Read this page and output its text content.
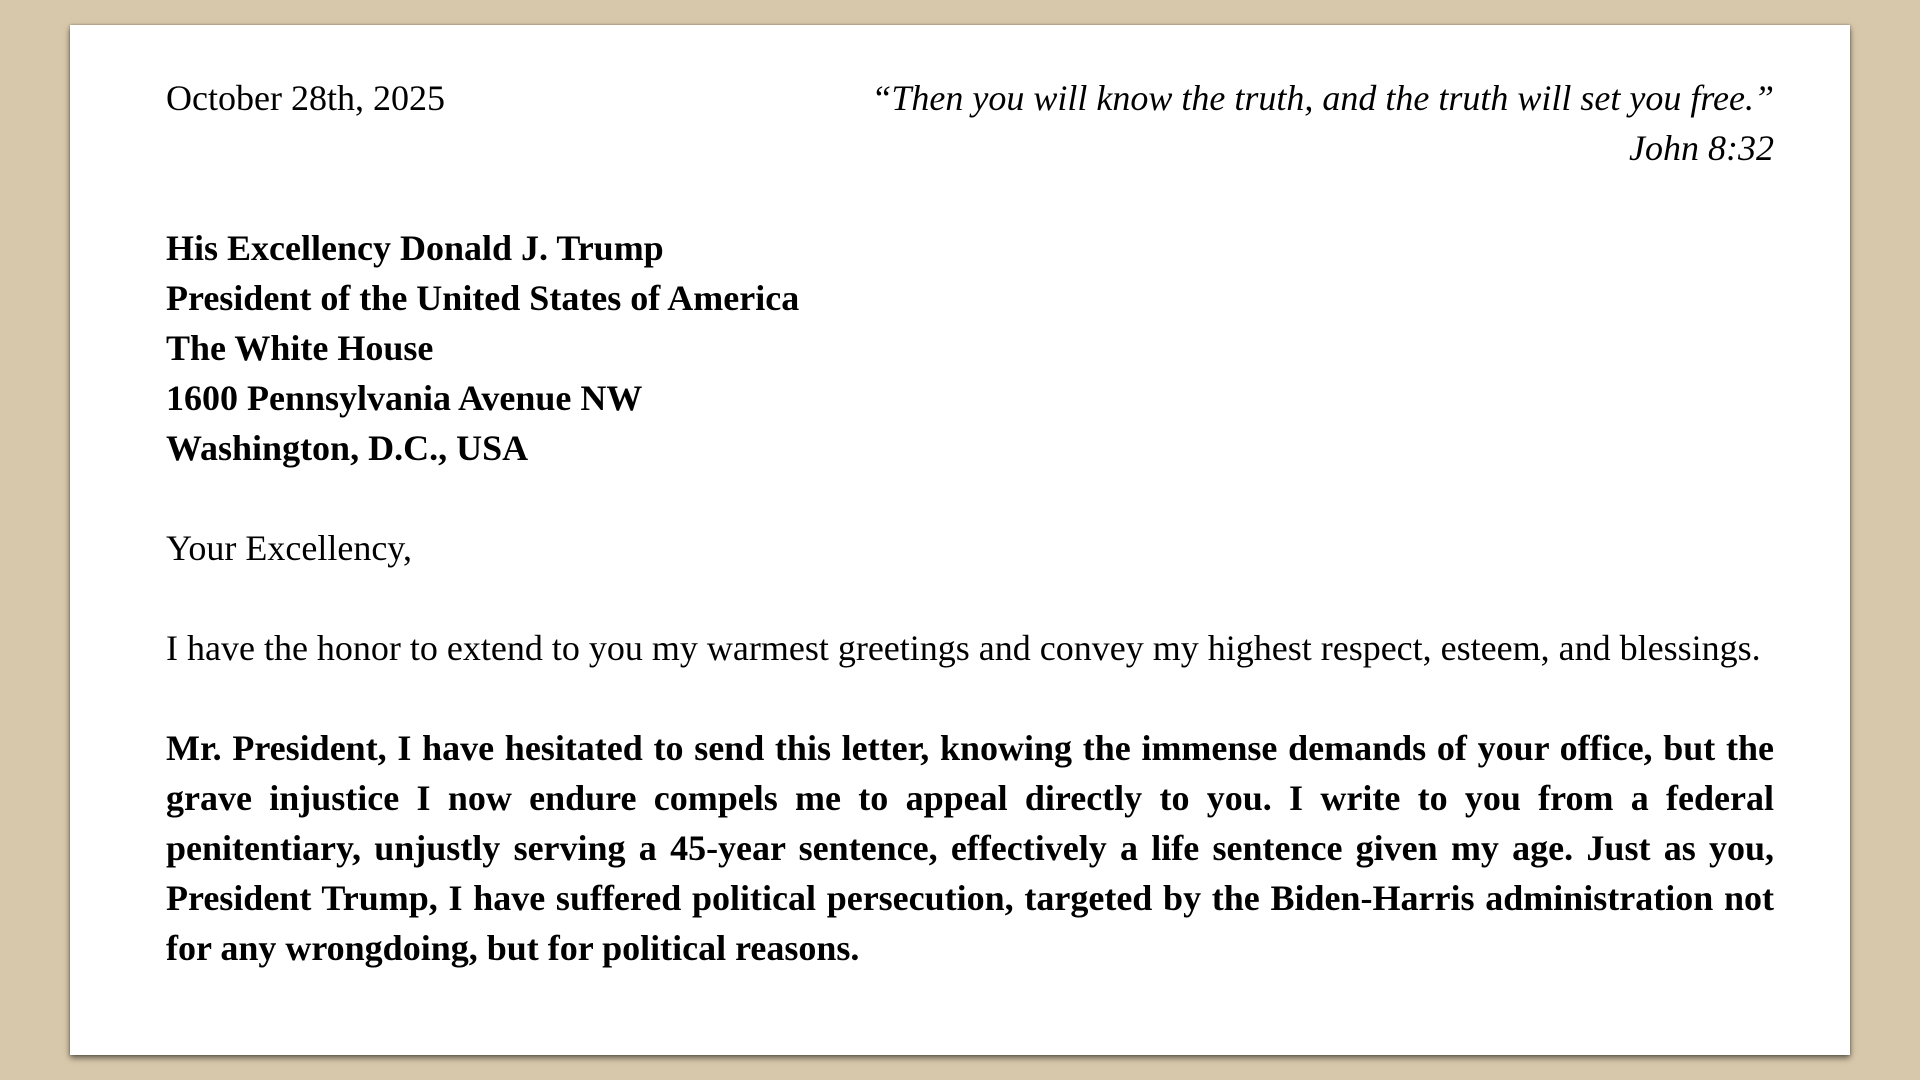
October 28th, 2025	“Then you will know the truth, and the truth will set you free.”
John 8:32
His Excellency Donald J. Trump
President of the United States of America
The White House
1600 Pennsylvania Avenue NW
Washington, D.C., USA
Your Excellency,
I have the honor to extend to you my warmest greetings and convey my highest respect, esteem, and blessings.
Mr. President, I have hesitated to send this letter, knowing the immense demands of your office, but the grave injustice I now endure compels me to appeal directly to you. I write to you from a federal penitentiary, unjustly serving a 45-year sentence, effectively a life sentence given my age. Just as you, President Trump, I have suffered political persecution, targeted by the Biden-Harris administration not for any wrongdoing, but for political reasons.
